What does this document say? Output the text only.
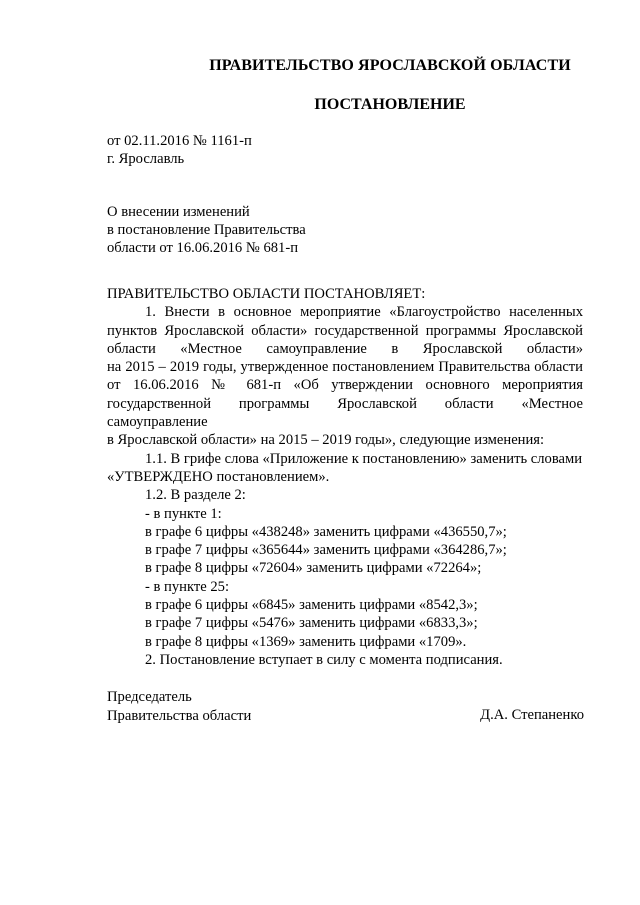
ПРАВИТЕЛЬСТВО ЯРОСЛАВСКОЙ ОБЛАСТИ
ПОСТАНОВЛЕНИЕ
от 02.11.2016 № 1161-п
г. Ярославль
О внесении изменений
в постановление Правительства
области от 16.06.2016 № 681-п

ПРАВИТЕЛЬСТВО ОБЛАСТИ ПОСТАНОВЛЯЕТ:

1. Внести в основное мероприятие «Благоустройство населенных

пунктов Ярославской области» государственной программы Ярославской

области «Местное самоуправление в Ярославской области»

на 2015 – 2019 годы, утвержденное постановлением Правительства области

от 16.06.2016 № 681-п «Об утверждении основного мероприятия

государственной программы Ярославской области «Местное самоуправление

в Ярославской области» на 2015 – 2019 годы», следующие изменения:

1.1. В грифе слова «Приложение к постановлению» заменить словами

«УТВЕРЖДЕНО постановлением».

1.2. В разделе 2:

- в пункте 1:

в графе 6 цифры «438248» заменить цифрами «436550,7»;

в графе 7 цифры «365644» заменить цифрами «364286,7»;

в графе 8 цифры «72604» заменить цифрами «72264»;

- в пункте 25:

в графе 6 цифры «6845» заменить цифрами «8542,3»;

в графе 7 цифры «5476» заменить цифрами «6833,3»;

в графе 8 цифры «1369» заменить цифрами «1709».

2. Постановление вступает в силу с момента подписания.

Председатель
Правительства области	Д.А. Степаненко
